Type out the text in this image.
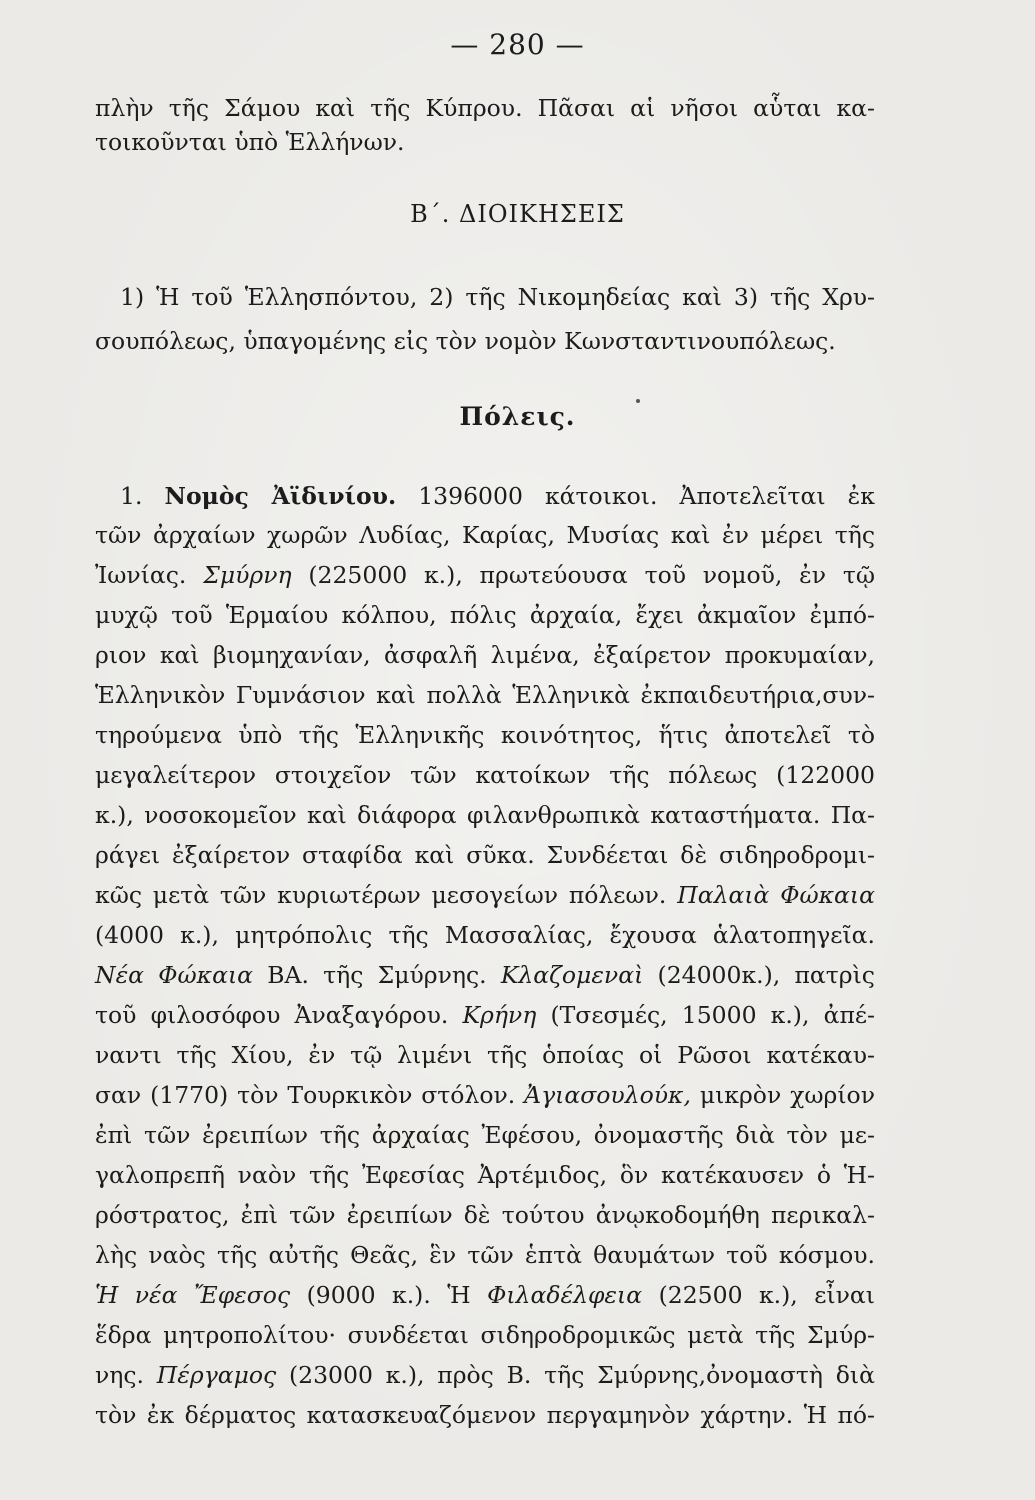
— 280 —
πλὴν τῆς Σάμου καὶ τῆς Κύπρου. Πᾶσαι αἱ νῆσοι αὗται κα-
τοικοῦνται ὑπὸ Ἑλλήνων.
Β΄. ΔΙΟΙΚΗΣΕΙΣ
1) Ἡ τοῦ Ἑλλησπόντου, 2) τῆς Νικομηδείας καὶ 3) τῆς Χρυ-
σουπόλεως, ὑπαγομένης εἰς τὸν νομὸν Κωνσταντινουπόλεως.
Πόλεις.
1. Νομὸς Ἀϊδινίου. 1396000 κάτοικοι. Ἀποτελεῖται ἐκ
τῶν ἀρχαίων χωρῶν Λυδίας, Καρίας, Μυσίας καὶ ἐν μέρει τῆς
Ἰωνίας. Σμύρνη (225000 κ.), πρωτεύουσα τοῦ νομοῦ, ἐν τῷ
μυχῷ τοῦ Ἑρμαίου κόλπου, πόλις ἀρχαία, ἔχει ἀκμαῖον ἐμπό-
ριον καὶ βιομηχανίαν, ἀσφαλῆ λιμένα, ἐξαίρετον προκυμαίαν,
Ἑλληνικὸν Γυμνάσιον καὶ πολλὰ Ἑλληνικὰ ἐκπαιδευτήρια,συν-
τηρούμενα ὑπὸ τῆς Ἑλληνικῆς κοινότητος, ἥτις ἀποτελεῖ τὸ
μεγαλείτερον στοιχεῖον τῶν κατοίκων τῆς πόλεως (122000
κ.), νοσοκομεῖον καὶ διάφορα φιλανθρωπικὰ καταστήματα. Πα-
ράγει ἐξαίρετον σταφίδα καὶ σῦκα. Συνδέεται δὲ σιδηροδρομι-
κῶς μετὰ τῶν κυριωτέρων μεσογείων πόλεων. Παλαιὰ Φώκαια
(4000 κ.), μητρόπολις τῆς Μασσαλίας, ἔχουσα ἁλατοπηγεῖα.
Νέα Φώκαια ΒΑ. τῆς Σμύρνης. Κλαζομεναὶ (24000κ.), πατρὶς
τοῦ φιλοσόφου Ἀναξαγόρου. Κρήνη (Τσεσμές, 15000 κ.), ἀπέ-
ναντι τῆς Χίου, ἐν τῷ λιμένι τῆς ὁποίας οἱ Ρῶσοι κατέκαυ-
σαν (1770) τὸν Τουρκικὸν στόλον. Ἀγιασουλούκ, μικρὸν χωρίον
ἐπὶ τῶν ἐρειπίων τῆς ἀρχαίας Ἐφέσου, ὀνομαστῆς διὰ τὸν με-
γαλοπρεπῆ ναὸν τῆς Ἐφεσίας Ἀρτέμιδος, ὃν κατέκαυσεν ὁ Ἡ-
ρόστρατος, ἐπὶ τῶν ἐρειπίων δὲ τούτου ἀνῳκοδομήθη περικαλ-
λὴς ναὸς τῆς αὐτῆς Θεᾶς, ἓν τῶν ἑπτὰ θαυμάτων τοῦ κόσμου.
Ἡ νέα Ἔφεσος (9000 κ.). Ἡ Φιλαδέλφεια (22500 κ.), εἶναι
ἕδρα μητροπολίτου· συνδέεται σιδηροδρομικῶς μετὰ τῆς Σμύρ-
νης. Πέργαμος (23000 κ.), πρὸς Β. τῆς Σμύρνης,ὀνομαστὴ διὰ
τὸν ἐκ δέρματος κατασκευαζόμενον περγαμηνὸν χάρτην. Ἡ πό-
